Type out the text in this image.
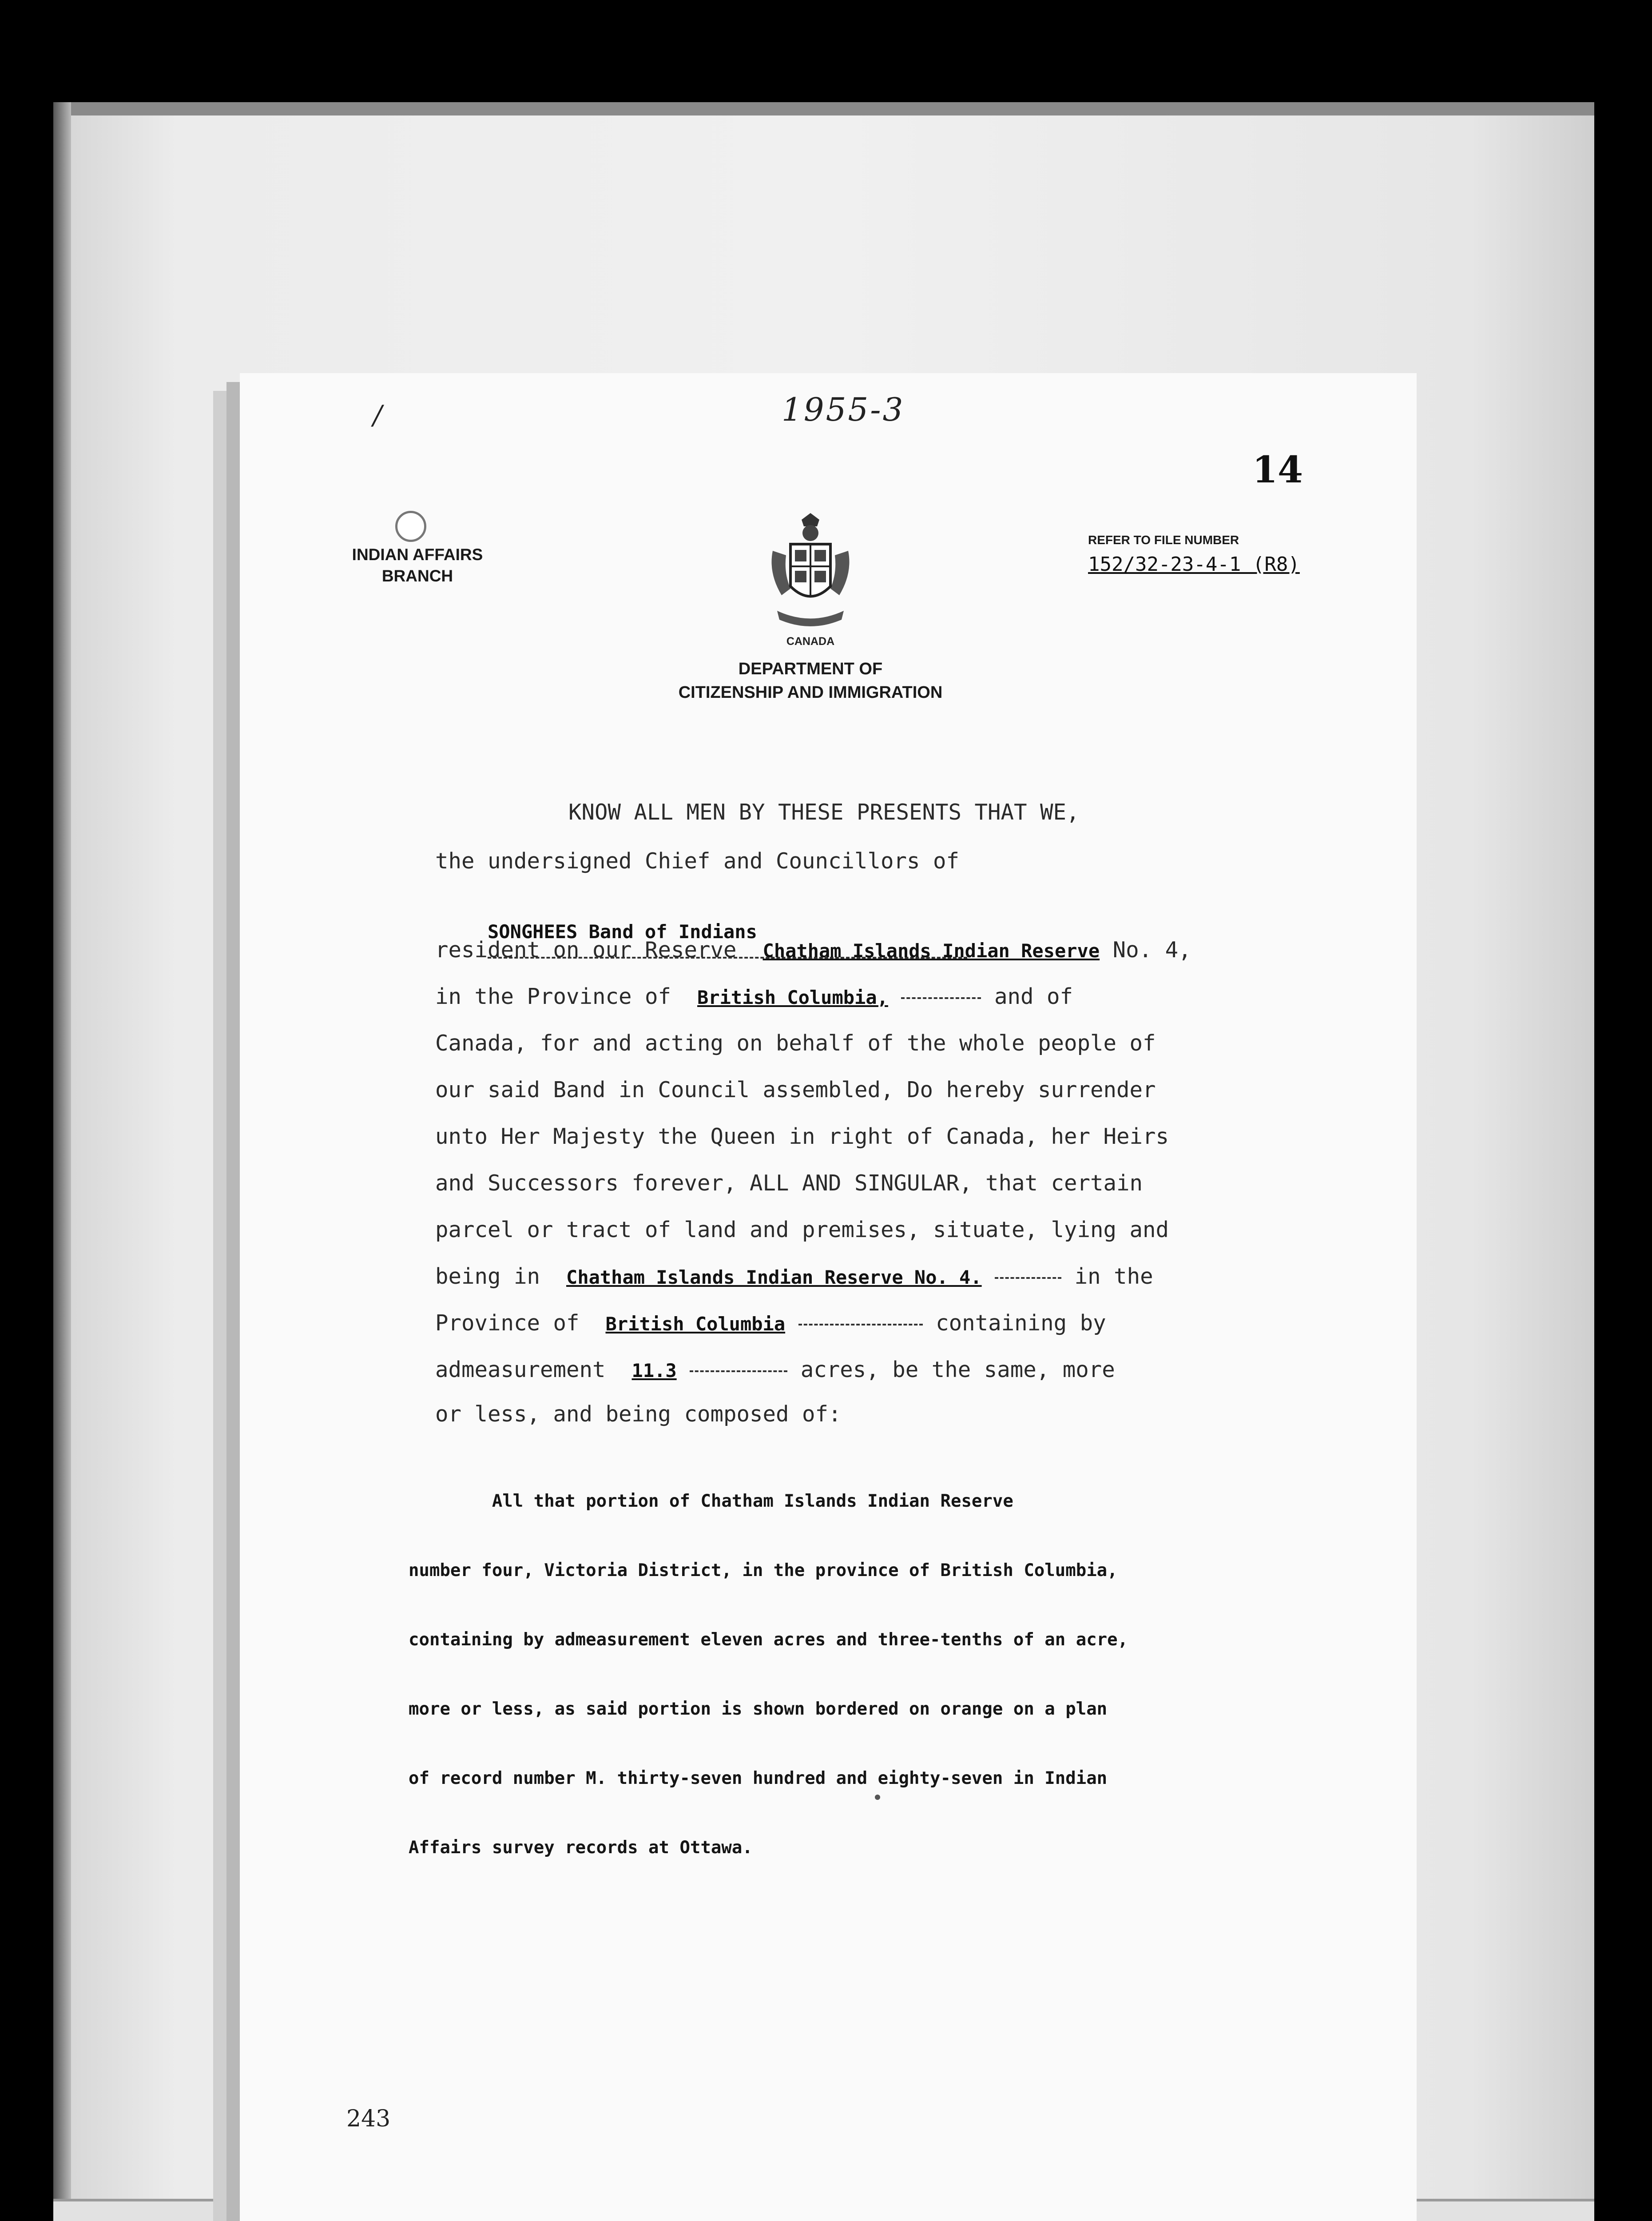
/	1955-3
14
INDIAN AFFAIRS
BRANCH
CANADA
DEPARTMENT OF
CITIZENSHIP AND IMMIGRATION
REFER TO FILE NUMBER
152/32-23-4-1 (R8)
KNOW ALL MEN BY THESE PRESENTS THAT WE,
the undersigned Chief and Councillors of

SONGHEES Band of Indians

resident on our Reserve Chatham Islands Indian Reserve No. 4,
in the Province of British Columbia,	and of
Canada, for and acting on behalf of the whole people of
our said Band in Council assembled, Do hereby surrender
unto Her Majesty the Queen in right of Canada, her Heirs
and Successors forever, ALL AND SINGULAR, that certain
parcel or tract of land and premises, situate, lying and
being in Chatham Islands Indian Reserve No. 4.	in the
Province of British Columbia	containing by
admeasurement 11.3	acres, be the same, more
or less, and being composed of:

All that portion of Chatham Islands Indian Reserve

number four, Victoria District, in the province of British Columbia,

containing by admeasurement eleven acres and three-tenths of an acre,

more or less, as said portion is shown bordered on orange on a plan

of record number M. thirty-seven hundred and eighty-seven in Indian

Affairs survey records at Ottawa.

243
